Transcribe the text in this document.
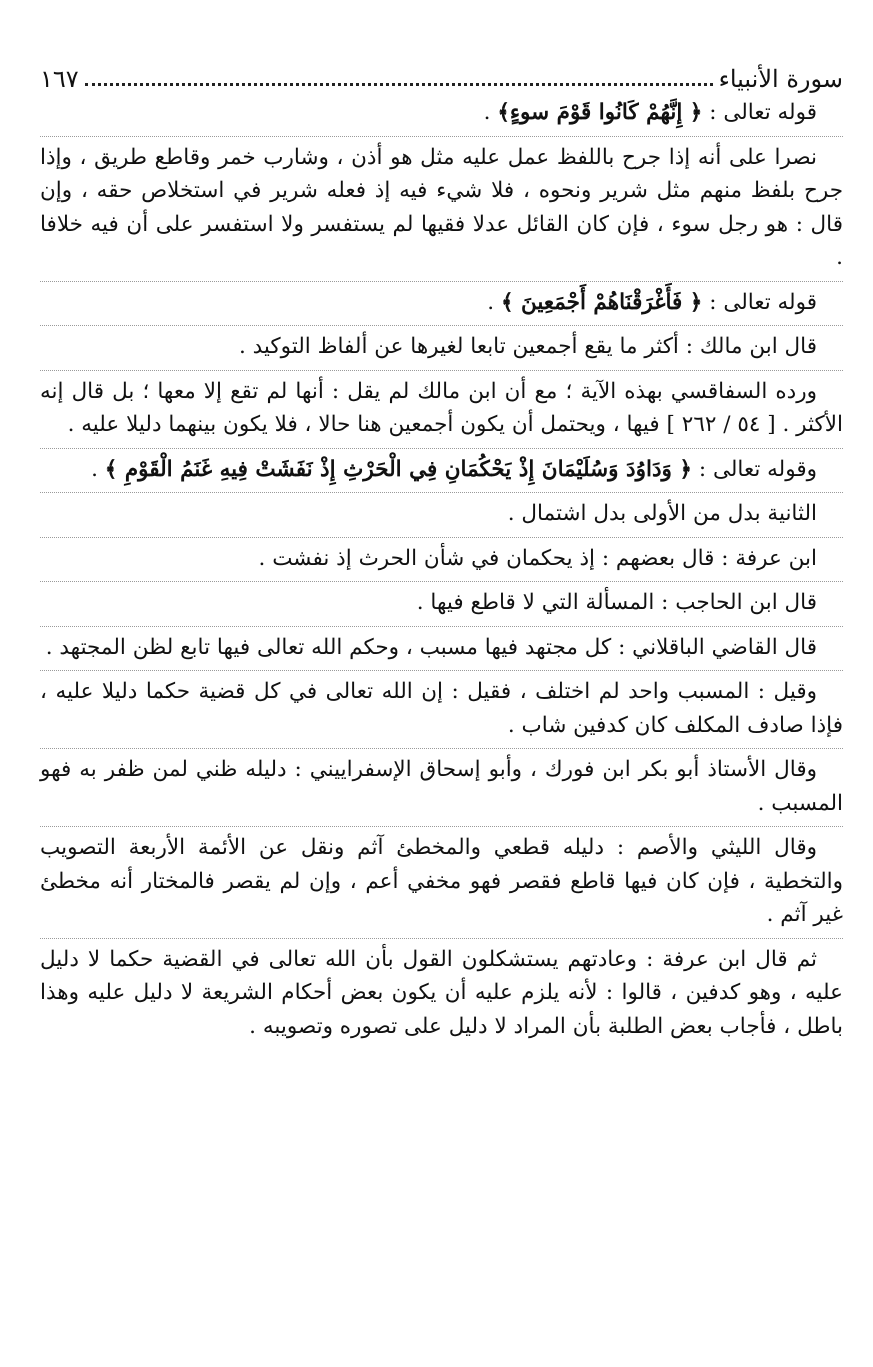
سورة الأنبياء
١٦٧

قوله تعالى : ﴿ إِنَّهُمْ كَانُوا قَوْمَ سوءٍ﴾ .

نصرا على أنه إذا جرح باللفظ عمل عليه مثل هو أذن ، وشارب خمر وقاطع طريق ، وإذا جرح بلفظ منهم مثل شرير ونحوه ، فلا شيء فيه إذ فعله شرير في استخلاص حقه ، وإن قال : هو رجل سوء ، فإن كان القائل عدلا فقيها لم يستفسر ولا استفسر على أن فيه خلافا .

قوله تعالى : ﴿ فَأَغْرَقْنَاهُمْ أَجْمَعِينَ ﴾ .

قال ابن مالك : أكثر ما يقع أجمعين تابعا لغيرها عن ألفاظ التوكيد .

ورده السفاقسي بهذه الآية ؛ مع أن ابن مالك لم يقل : أنها لم تقع إلا معها ؛ بل قال إنه الأكثر . [ ٥٤ / ٢٦٢ ] فيها ، ويحتمل أن يكون أجمعين هنا حالا ، فلا يكون بينهما دليلا عليه .

وقوله تعالى : ﴿ وَدَاوُدَ وَسُلَيْمَانَ إِذْ يَحْكُمَانِ فِي الْحَرْثِ إِذْ نَفَشَتْ فِيهِ غَنَمُ الْقَوْمِ ﴾ .

الثانية بدل من الأولى بدل اشتمال .

ابن عرفة : قال بعضهم : إذ يحكمان في شأن الحرث إذ نفشت .

قال ابن الحاجب : المسألة التي لا قاطع فيها .

قال القاضي الباقلاني : كل مجتهد فيها مسبب ، وحكم الله تعالى فيها تابع لظن المجتهد .

وقيل : المسبب واحد لم اختلف ، فقيل : إن الله تعالى في كل قضية حكما دليلا عليه ، فإذا صادف المكلف كان كدفين شاب .

وقال الأستاذ أبو بكر ابن فورك ، وأبو إسحاق الإسفراييني : دليله ظني لمن ظفر به فهو المسبب .

وقال الليثي والأصم : دليله قطعي والمخطئ آثم ونقل عن الأئمة الأربعة التصويب والتخطية ، فإن كان فيها قاطع فقصر فهو مخفي أعم ، وإن لم يقصر فالمختار أنه مخطئ غير آثم .

ثم قال ابن عرفة : وعادتهم يستشكلون القول بأن الله تعالى في القضية حكما لا دليل عليه ، وهو كدفين ، قالوا : لأنه يلزم عليه أن يكون بعض أحكام الشريعة لا دليل عليه وهذا باطل ، فأجاب بعض الطلبة بأن المراد لا دليل على تصوره وتصويبه .
